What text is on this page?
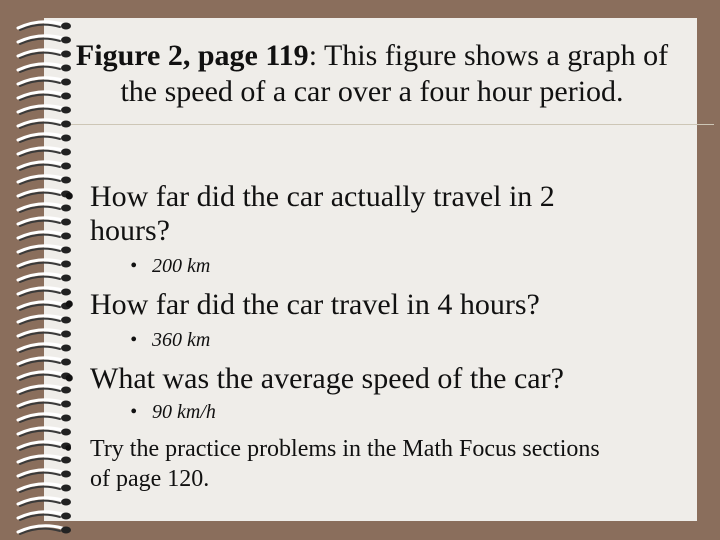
Figure 2, page 119: This figure shows a graph of the speed of a car over a four hour period.
• How far did the car actually travel in 2 hours?
• 200 km
• How far did the car travel in 4 hours?
• 360 km
• What was the average speed of the car?
• 90 km/h
• Try the practice problems in the Math Focus sections of page 120.
